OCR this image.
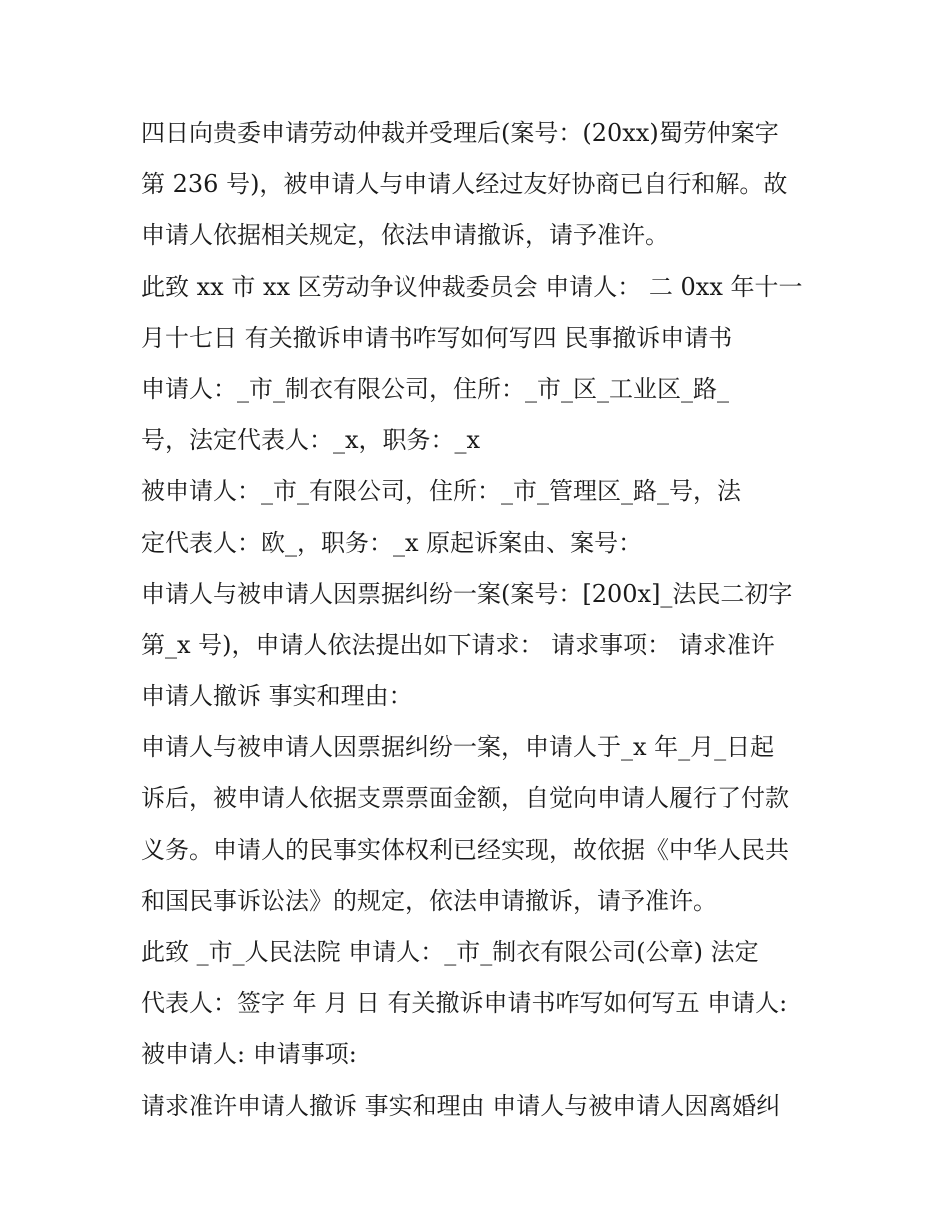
四日向贵委申请劳动仲裁并受理后(案号：(20xx)蜀劳仲案字
第 236 号)，被申请人与申请人经过友好协商已自行和解。故
申请人依据相关规定，依法申请撤诉，请予准许。
此致 xx 市 xx 区劳动争议仲裁委员会 申请人： 二 0xx 年十一
月十七日 有关撤诉申请书咋写如何写四 民事撤诉申请书
申请人：_市_制衣有限公司，住所：_市_区_工业区_路_
号，法定代表人：_x，职务：_x
被申请人：_市_有限公司，住所：_市_管理区_路_号，法
定代表人：欧_，职务：_x 原起诉案由、案号：
申请人与被申请人因票据纠纷一案(案号：[200x]_法民二初字
第_x 号)，申请人依法提出如下请求： 请求事项： 请求准许
申请人撤诉 事实和理由：
申请人与被申请人因票据纠纷一案，申请人于_x 年_月_日起
诉后，被申请人依据支票票面金额，自觉向申请人履行了付款
义务。申请人的民事实体权利已经实现，故依据《中华人民共
和国民事诉讼法》的规定，依法申请撤诉，请予准许。
此致 _市_人民法院 申请人：_市_制衣有限公司(公章) 法定
代表人：签字 年 月 日 有关撤诉申请书咋写如何写五 申请人:
被申请人: 申请事项:
请求准许申请人撤诉 事实和理由 申请人与被申请人因离婚纠
